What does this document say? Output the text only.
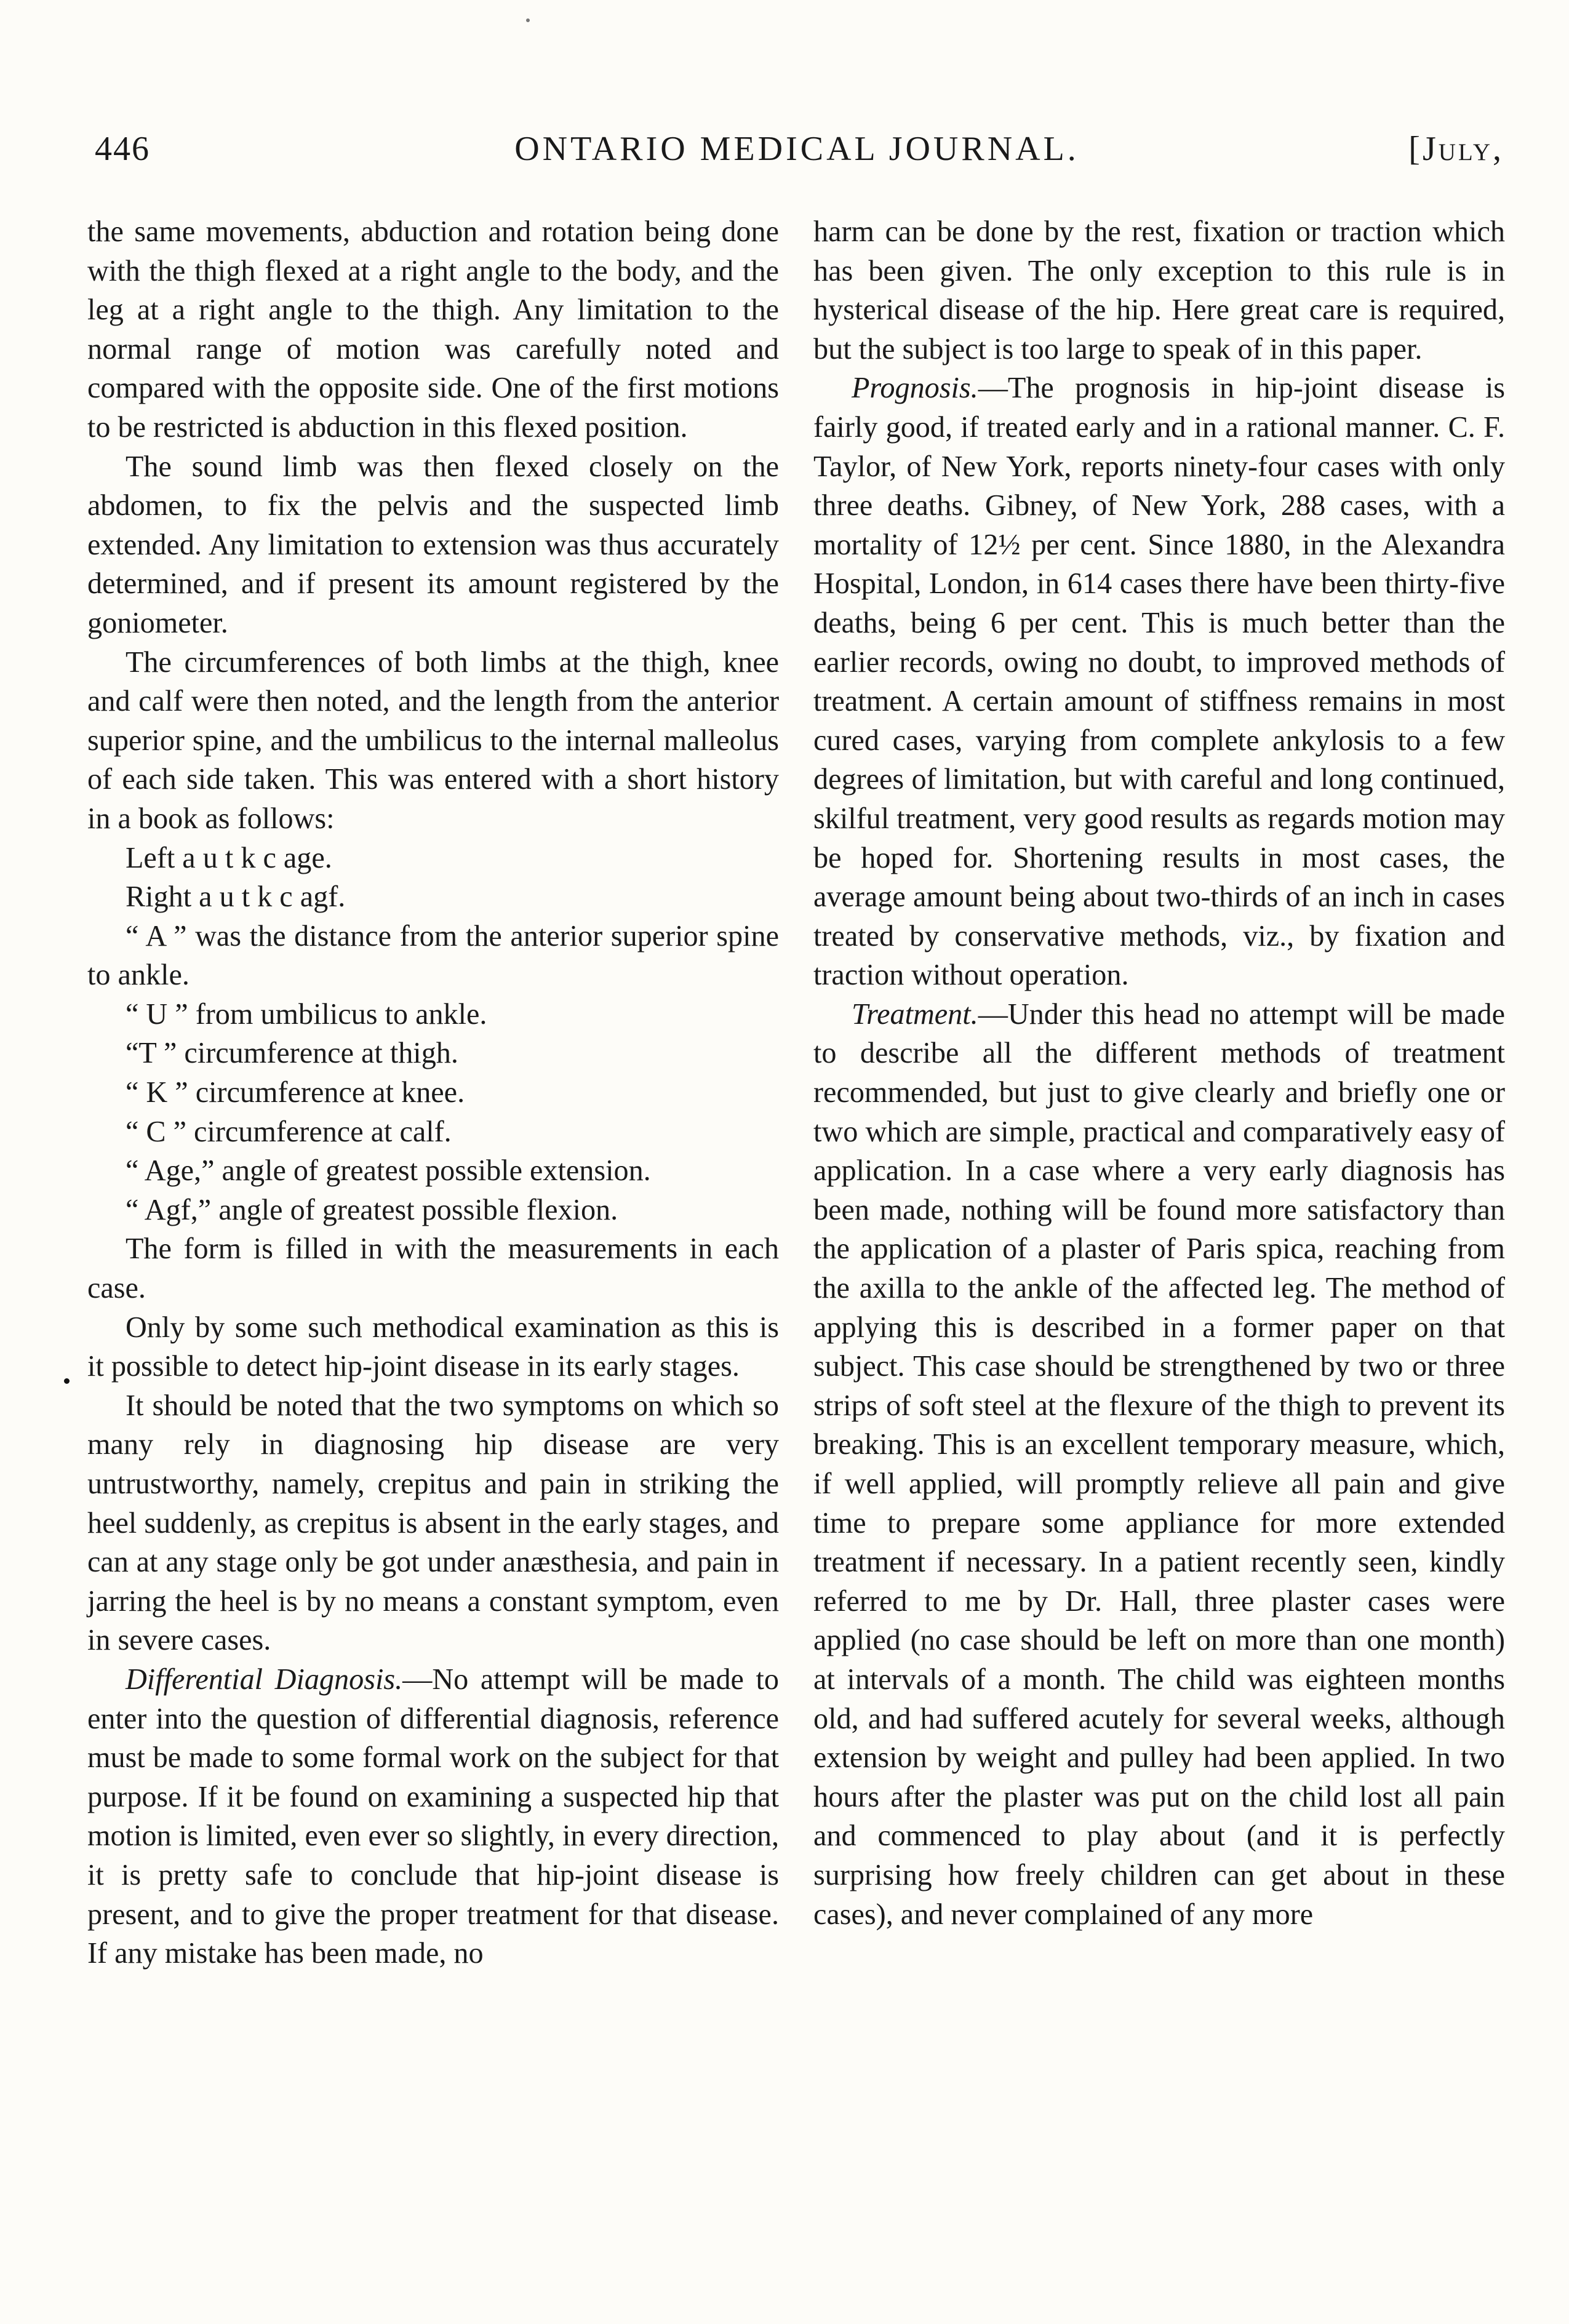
446	ONTARIO MEDICAL JOURNAL.	[July,

the same movements, abduction and rotation being done with the thigh flexed at a right angle to the body, and the leg at a right angle to the thigh. Any limitation to the normal range of motion was carefully noted and compared with the opposite side. One of the first motions to be restricted is abduction in this flexed position.

The sound limb was then flexed closely on the abdomen, to fix the pelvis and the suspected limb extended. Any limitation to extension was thus accurately determined, and if present its amount registered by the goniometer.

The circumferences of both limbs at the thigh, knee and calf were then noted, and the length from the anterior superior spine, and the umbilicus to the internal malleolus of each side taken. This was entered with a short history in a book as follows:

Left a u t k c age.

Right a u t k c agf.

“ A ” was the distance from the anterior superior spine to ankle.

“ U ” from umbilicus to ankle.

“T ” circumference at thigh.

“ K ” circumference at knee.

“ C ” circumference at calf.

“ Age,” angle of greatest possible extension.

“ Agf,” angle of greatest possible flexion.

The form is filled in with the measurements in each case.

Only by some such methodical examination as this is it possible to detect hip-joint disease in its early stages.

It should be noted that the two symptoms on which so many rely in diagnosing hip disease are very untrustworthy, namely, crepitus and pain in striking the heel suddenly, as crepitus is absent in the early stages, and can at any stage only be got under anæsthesia, and pain in jarring the heel is by no means a constant symptom, even in severe cases.

Differential Diagnosis.—No attempt will be made to enter into the question of differential diagnosis, reference must be made to some formal work on the subject for that purpose. If it be found on examining a suspected hip that motion is limited, even ever so slightly, in every direction, it is pretty safe to conclude that hip-joint disease is present, and to give the proper treatment for that disease. If any mistake has been made, no

harm can be done by the rest, fixation or traction which has been given. The only exception to this rule is in hysterical disease of the hip. Here great care is required, but the subject is too large to speak of in this paper.

Prognosis.—The prognosis in hip-joint disease is fairly good, if treated early and in a rational manner. C. F. Taylor, of New York, reports ninety-four cases with only three deaths. Gibney, of New York, 288 cases, with a mortality of 12½ per cent. Since 1880, in the Alexandra Hospital, London, in 614 cases there have been thirty-five deaths, being 6 per cent. This is much better than the earlier records, owing no doubt, to improved methods of treatment. A certain amount of stiffness remains in most cured cases, varying from complete ankylosis to a few degrees of limitation, but with careful and long continued, skilful treatment, very good results as regards motion may be hoped for. Shortening results in most cases, the average amount being about two-thirds of an inch in cases treated by conservative methods, viz., by fixation and traction without operation.

Treatment.—Under this head no attempt will be made to describe all the different methods of treatment recommended, but just to give clearly and briefly one or two which are simple, practical and comparatively easy of application. In a case where a very early diagnosis has been made, nothing will be found more satisfactory than the application of a plaster of Paris spica, reaching from the axilla to the ankle of the affected leg. The method of applying this is described in a former paper on that subject. This case should be strengthened by two or three strips of soft steel at the flexure of the thigh to prevent its breaking. This is an excellent temporary measure, which, if well applied, will promptly relieve all pain and give time to prepare some appliance for more extended treatment if necessary. In a patient recently seen, kindly referred to me by Dr. Hall, three plaster cases were applied (no case should be left on more than one month) at intervals of a month. The child was eighteen months old, and had suffered acutely for several weeks, although extension by weight and pulley had been applied. In two hours after the plaster was put on the child lost all pain and commenced to play about (and it is perfectly surprising how freely children can get about in these cases), and never complained of any more
